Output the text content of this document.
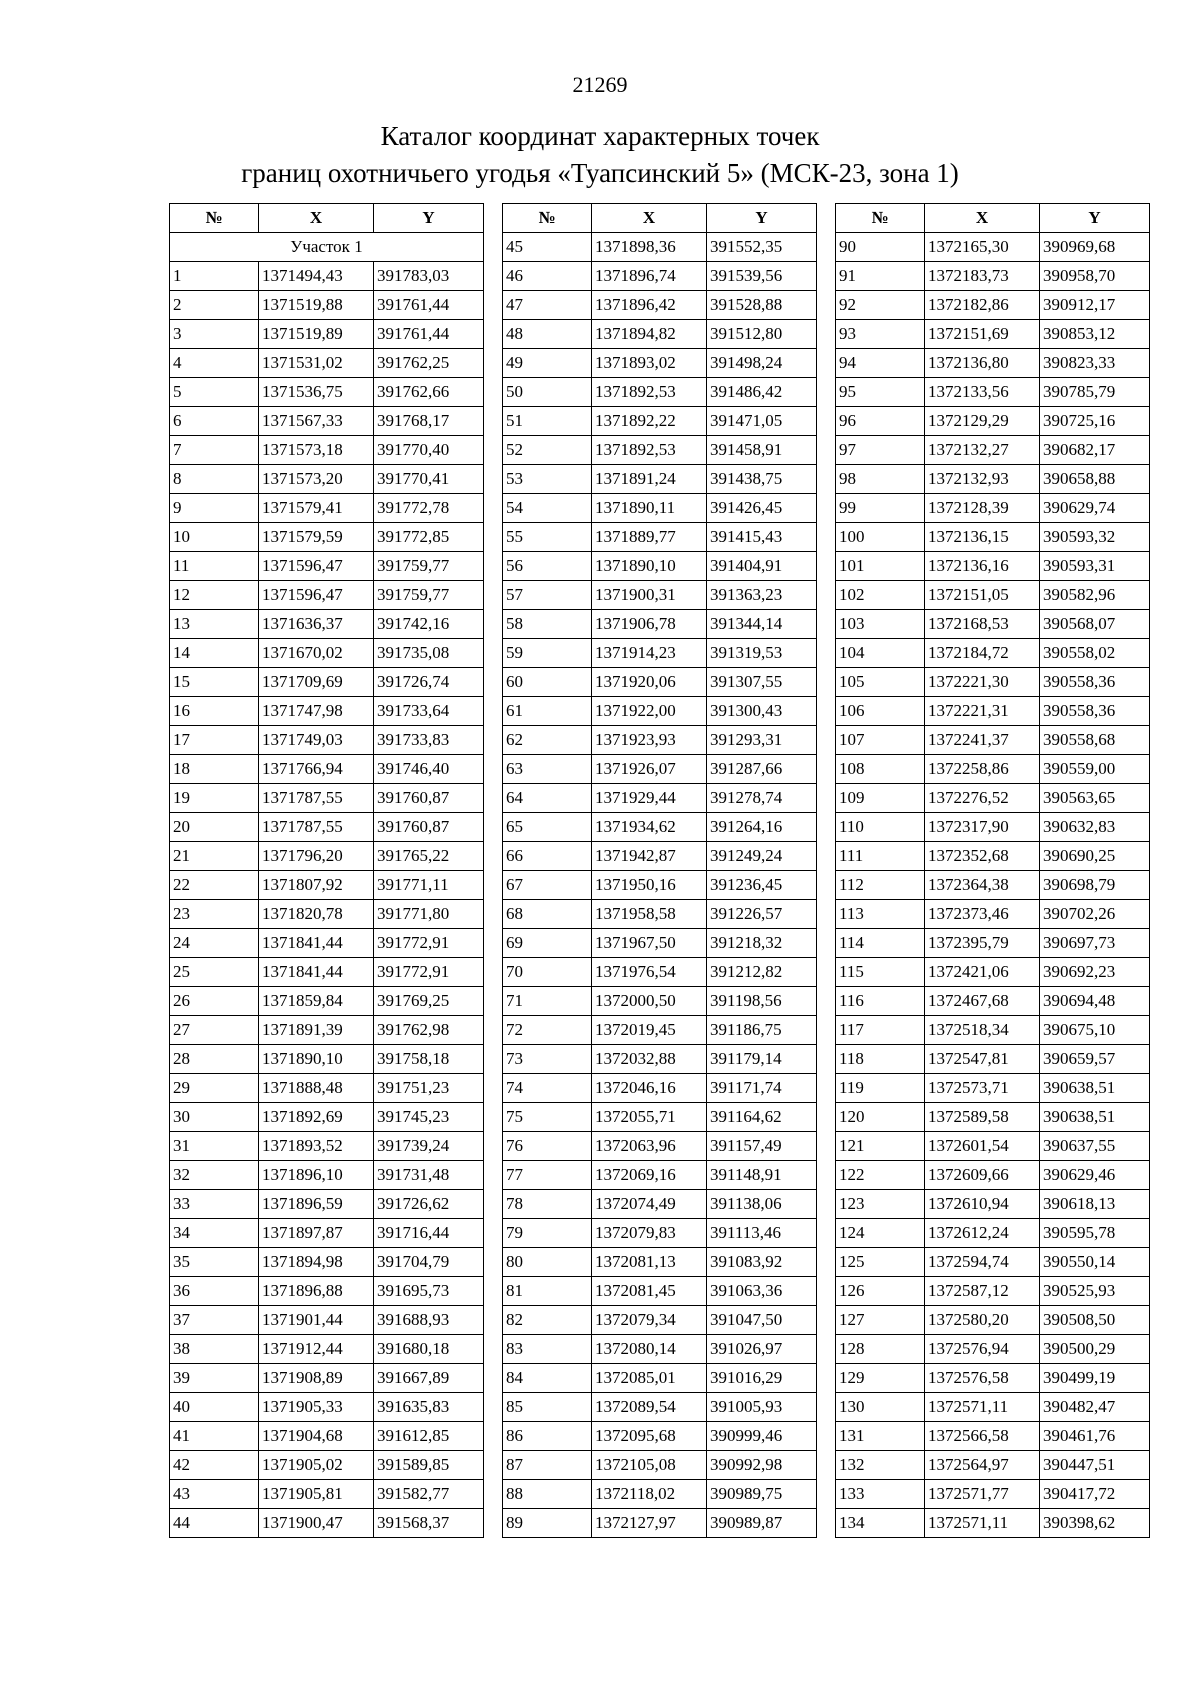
21269
Каталог координат характерных точек
границ охотничьего угодья «Туапсинский 5» (МСК-23, зона 1)
№	X	Y
Участок 1		
1	1371494,43	391783,03
2	1371519,88	391761,44
3	1371519,89	391761,44
4	1371531,02	391762,25
5	1371536,75	391762,66
6	1371567,33	391768,17
7	1371573,18	391770,40
8	1371573,20	391770,41
9	1371579,41	391772,78
10	1371579,59	391772,85
11	1371596,47	391759,77
12	1371596,47	391759,77
13	1371636,37	391742,16
14	1371670,02	391735,08
15	1371709,69	391726,74
16	1371747,98	391733,64
17	1371749,03	391733,83
18	1371766,94	391746,40
19	1371787,55	391760,87
20	1371787,55	391760,87
21	1371796,20	391765,22
22	1371807,92	391771,11
23	1371820,78	391771,80
24	1371841,44	391772,91
25	1371841,44	391772,91
26	1371859,84	391769,25
27	1371891,39	391762,98
28	1371890,10	391758,18
29	1371888,48	391751,23
30	1371892,69	391745,23
31	1371893,52	391739,24
32	1371896,10	391731,48
33	1371896,59	391726,62
34	1371897,87	391716,44
35	1371894,98	391704,79
36	1371896,88	391695,73
37	1371901,44	391688,93
38	1371912,44	391680,18
39	1371908,89	391667,89
40	1371905,33	391635,83
41	1371904,68	391612,85
42	1371905,02	391589,85
43	1371905,81	391582,77
44	1371900,47	391568,37
№	X	Y
45	1371898,36	391552,35
46	1371896,74	391539,56
47	1371896,42	391528,88
48	1371894,82	391512,80
49	1371893,02	391498,24
50	1371892,53	391486,42
51	1371892,22	391471,05
52	1371892,53	391458,91
53	1371891,24	391438,75
54	1371890,11	391426,45
55	1371889,77	391415,43
56	1371890,10	391404,91
57	1371900,31	391363,23
58	1371906,78	391344,14
59	1371914,23	391319,53
60	1371920,06	391307,55
61	1371922,00	391300,43
62	1371923,93	391293,31
63	1371926,07	391287,66
64	1371929,44	391278,74
65	1371934,62	391264,16
66	1371942,87	391249,24
67	1371950,16	391236,45
68	1371958,58	391226,57
69	1371967,50	391218,32
70	1371976,54	391212,82
71	1372000,50	391198,56
72	1372019,45	391186,75
73	1372032,88	391179,14
74	1372046,16	391171,74
75	1372055,71	391164,62
76	1372063,96	391157,49
77	1372069,16	391148,91
78	1372074,49	391138,06
79	1372079,83	391113,46
80	1372081,13	391083,92
81	1372081,45	391063,36
82	1372079,34	391047,50
83	1372080,14	391026,97
84	1372085,01	391016,29
85	1372089,54	391005,93
86	1372095,68	390999,46
87	1372105,08	390992,98
88	1372118,02	390989,75
89	1372127,97	390989,87
№	X	Y
90	1372165,30	390969,68
91	1372183,73	390958,70
92	1372182,86	390912,17
93	1372151,69	390853,12
94	1372136,80	390823,33
95	1372133,56	390785,79
96	1372129,29	390725,16
97	1372132,27	390682,17
98	1372132,93	390658,88
99	1372128,39	390629,74
100	1372136,15	390593,32
101	1372136,16	390593,31
102	1372151,05	390582,96
103	1372168,53	390568,07
104	1372184,72	390558,02
105	1372221,30	390558,36
106	1372221,31	390558,36
107	1372241,37	390558,68
108	1372258,86	390559,00
109	1372276,52	390563,65
110	1372317,90	390632,83
111	1372352,68	390690,25
112	1372364,38	390698,79
113	1372373,46	390702,26
114	1372395,79	390697,73
115	1372421,06	390692,23
116	1372467,68	390694,48
117	1372518,34	390675,10
118	1372547,81	390659,57
119	1372573,71	390638,51
120	1372589,58	390638,51
121	1372601,54	390637,55
122	1372609,66	390629,46
123	1372610,94	390618,13
124	1372612,24	390595,78
125	1372594,74	390550,14
126	1372587,12	390525,93
127	1372580,20	390508,50
128	1372576,94	390500,29
129	1372576,58	390499,19
130	1372571,11	390482,47
131	1372566,58	390461,76
132	1372564,97	390447,51
133	1372571,77	390417,72
134	1372571,11	390398,62
